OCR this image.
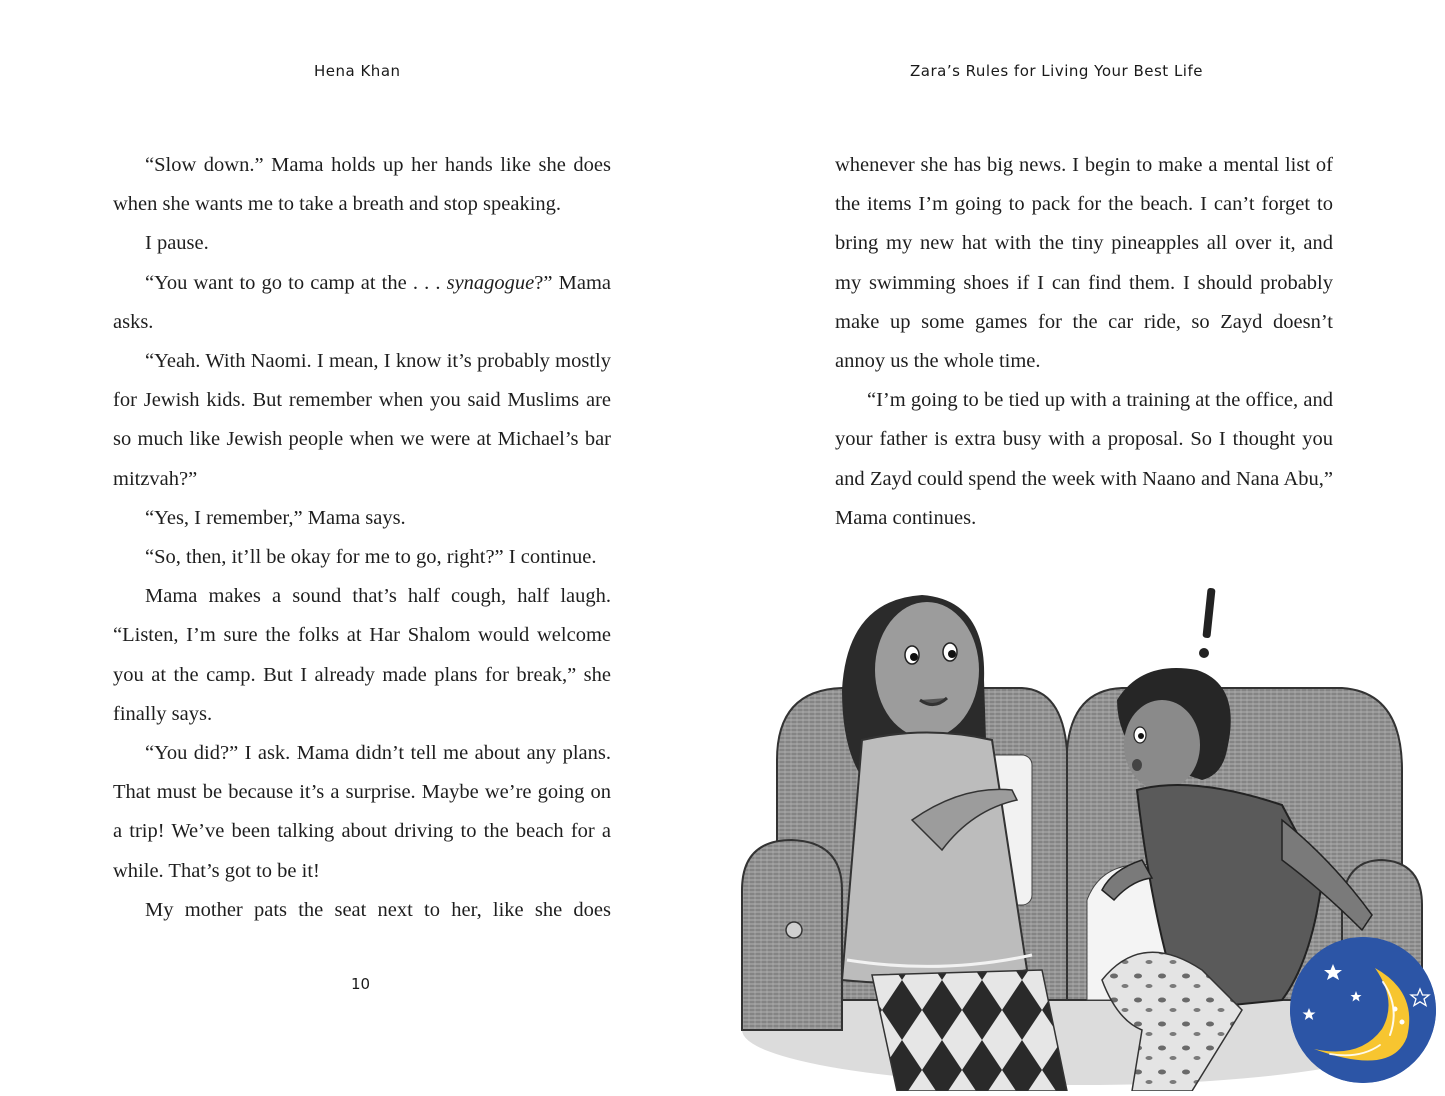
Hena Khan

“Slow down.” Mama holds up her hands like she does when she wants me to take a breath and stop speaking.

I pause.

“You want to go to camp at the . . . synagogue?” Mama asks.

“Yeah. With Naomi. I mean, I know it’s probably mostly for Jewish kids. But remember when you said Muslims are so much like Jewish people when we were at Michael’s bar mitzvah?”

“Yes, I remember,” Mama says.

“So, then, it’ll be okay for me to go, right?” I continue.

Mama makes a sound that’s half cough, half laugh. “Listen, I’m sure the folks at Har Shalom would welcome you at the camp. But I already made plans for break,” she finally says.

“You did?” I ask. Mama didn’t tell me about any plans. That must be because it’s a surprise. Maybe we’re going on a trip! We’ve been talking about driving to the beach for a while. That’s got to be it!

My mother pats the seat next to her, like she does

10
Zara’s Rules for Living Your Best Life

whenever she has big news. I begin to make a mental list of the items I’m going to pack for the beach. I can’t forget to bring my new hat with the tiny pineapples all over it, and my swimming shoes if I can find them. I should probably make up some games for the car ride, so Zayd doesn’t annoy us the whole time.

“I’m going to be tied up with a training at the office, and your father is extra busy with a proposal. So I thought you and Zayd could spend the week with Naano and Nana Abu,” Mama continues.
